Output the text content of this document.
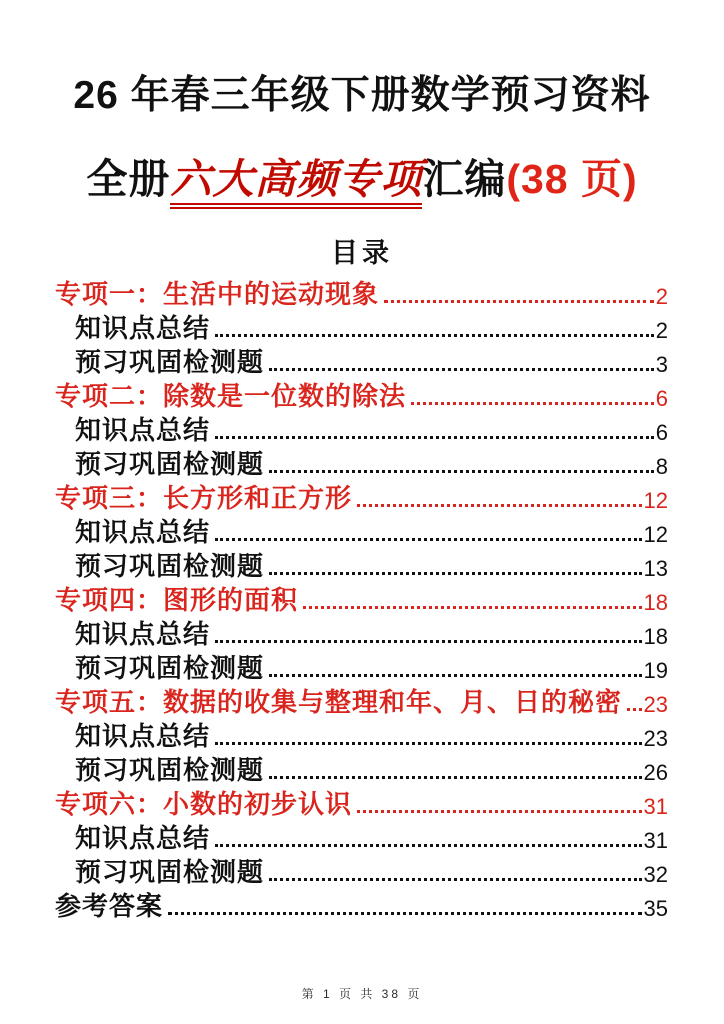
26 年春三年级下册数学预习资料
全册六大高频专项汇编(38 页)
目录
专项一：生活中的运动现象	2
知识点总结	2
预习巩固检测题	3
专项二：除数是一位数的除法	6
知识点总结	6
预习巩固检测题	8
专项三：长方形和正方形	12
知识点总结	12
预习巩固检测题	13
专项四：图形的面积	18
知识点总结	18
预习巩固检测题	19
专项五：数据的收集与整理和年、月、日的秘密 23
知识点总结	23
预习巩固检测题	26
专项六：小数的初步认识	31
知识点总结	31
预习巩固检测题	32
参考答案	35
第 1 页 共 38 页
